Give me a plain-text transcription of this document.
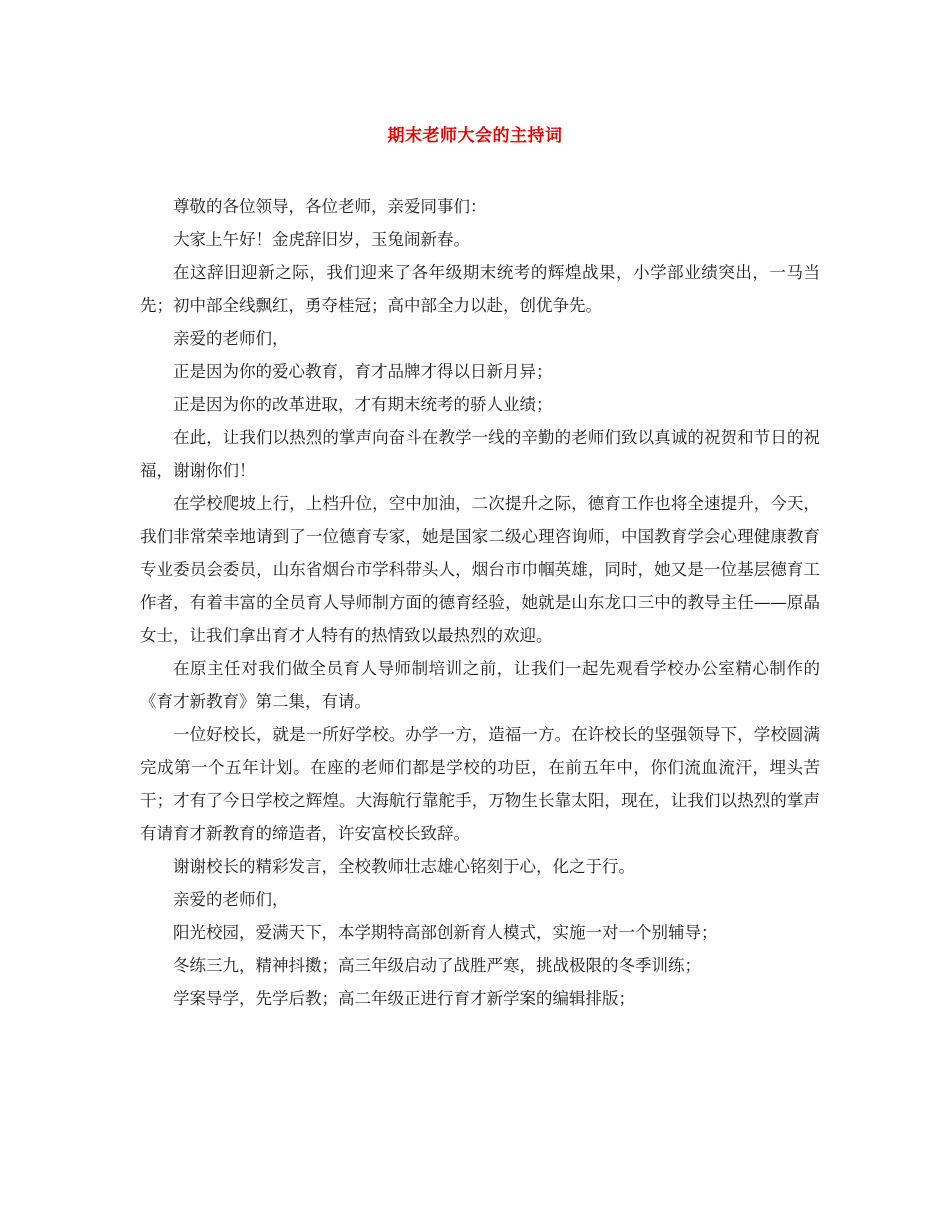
期末老师大会的主持词

尊敬的各位领导，各位老师，亲爱同事们：

大家上午好！金虎辞旧岁，玉兔闹新春。

在这辞旧迎新之际，我们迎来了各年级期末统考的辉煌战果，小学部业绩突出，一马当先；初中部全线飘红，勇夺桂冠；高中部全力以赴，创优争先。

亲爱的老师们，

正是因为你的爱心教育，育才品牌才得以日新月异；

正是因为你的改革进取，才有期末统考的骄人业绩；

在此，让我们以热烈的掌声向奋斗在教学一线的辛勤的老师们致以真诚的祝贺和节日的祝福，谢谢你们！

在学校爬坡上行，上档升位，空中加油，二次提升之际，德育工作也将全速提升，今天，我们非常荣幸地请到了一位德育专家，她是国家二级心理咨询师，中国教育学会心理健康教育专业委员会委员，山东省烟台市学科带头人，烟台市巾帼英雄，同时，她又是一位基层德育工作者，有着丰富的全员育人导师制方面的德育经验，她就是山东龙口三中的教导主任——原晶女士，让我们拿出育才人特有的热情致以最热烈的欢迎。

在原主任对我们做全员育人导师制培训之前，让我们一起先观看学校办公室精心制作的《育才新教育》第二集，有请。

一位好校长，就是一所好学校。办学一方，造福一方。在许校长的坚强领导下，学校圆满完成第一个五年计划。在座的老师们都是学校的功臣，在前五年中，你们流血流汗，埋头苦干；才有了今日学校之辉煌。大海航行靠舵手，万物生长靠太阳，现在，让我们以热烈的掌声有请育才新教育的缔造者，许安富校长致辞。

谢谢校长的精彩发言，全校教师壮志雄心铭刻于心，化之于行。

亲爱的老师们，

阳光校园，爱满天下，本学期特高部创新育人模式，实施一对一个别辅导；

冬练三九，精神抖擞；高三年级启动了战胜严寒，挑战极限的冬季训练；

学案导学，先学后教；高二年级正进行育才新学案的编辑排版；
